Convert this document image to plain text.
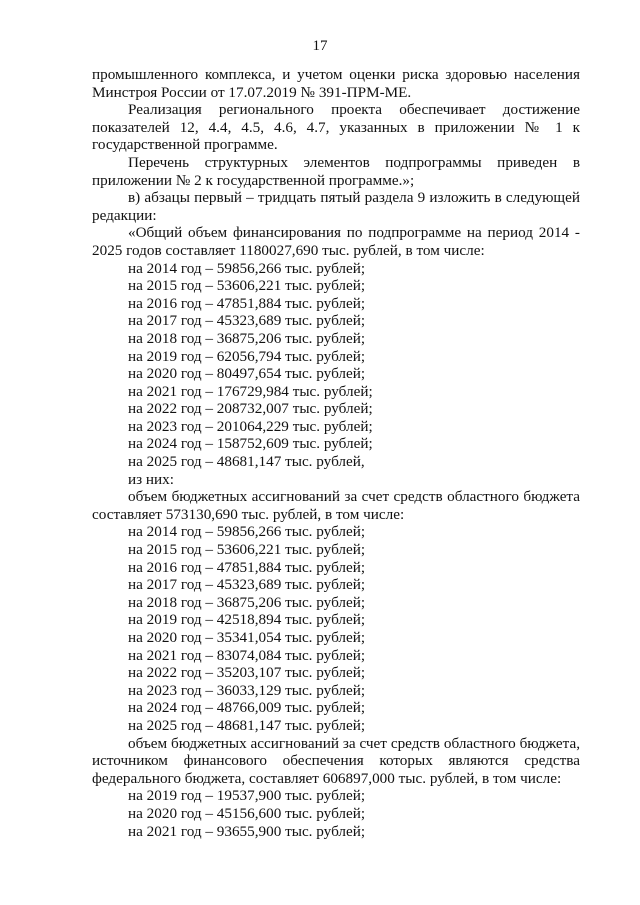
17

промышленного комплекса, и учетом оценки риска здоровью населения Минстроя России от 17.07.2019 № 391-ПРМ-МЕ.

Реализация регионального проекта обеспечивает достижение показателей 12, 4.4, 4.5, 4.6, 4.7, указанных в приложении № 1 к государственной программе.

Перечень структурных элементов подпрограммы приведен в приложении № 2 к государственной программе.»;

в) абзацы первый – тридцать пятый раздела 9 изложить в следующей редакции:

«Общий объем финансирования по подпрограмме на период 2014 - 2025 годов составляет 1180027,690 тыс. рублей, в том числе:

на 2014 год – 59856,266 тыс. рублей;
на 2015 год – 53606,221 тыс. рублей;
на 2016 год – 47851,884 тыс. рублей;
на 2017 год – 45323,689 тыс. рублей;
на 2018 год – 36875,206 тыс. рублей;
на 2019 год – 62056,794 тыс. рублей;
на 2020 год – 80497,654 тыс. рублей;
на 2021 год – 176729,984 тыс. рублей;
на 2022 год – 208732,007 тыс. рублей;
на 2023 год – 201064,229 тыс. рублей;
на 2024 год – 158752,609 тыс. рублей;
на 2025 год – 48681,147 тыс. рублей,
из них:

объем бюджетных ассигнований за счет средств областного бюджета составляет 573130,690 тыс. рублей, в том числе:

на 2014 год – 59856,266 тыс. рублей;
на 2015 год – 53606,221 тыс. рублей;
на 2016 год – 47851,884 тыс. рублей;
на 2017 год – 45323,689 тыс. рублей;
на 2018 год – 36875,206 тыс. рублей;
на 2019 год – 42518,894 тыс. рублей;
на 2020 год – 35341,054 тыс. рублей;
на 2021 год – 83074,084 тыс. рублей;
на 2022 год – 35203,107 тыс. рублей;
на 2023 год – 36033,129 тыс. рублей;
на 2024 год – 48766,009 тыс. рублей;
на 2025 год – 48681,147 тыс. рублей;

объем бюджетных ассигнований за счет средств областного бюджета, источником финансового обеспечения которых являются средства федерального бюджета, составляет 606897,000 тыс. рублей, в том числе:

на 2019 год – 19537,900 тыс. рублей;
на 2020 год – 45156,600 тыс. рублей;
на 2021 год – 93655,900 тыс. рублей;
